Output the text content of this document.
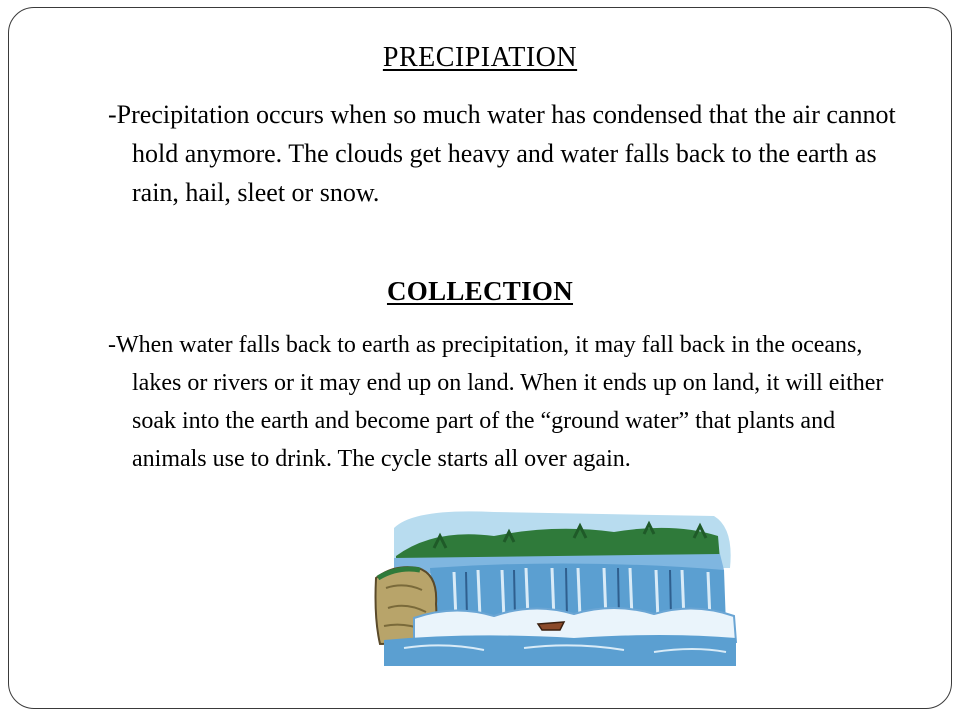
PRECIPIATION

-Precipitation occurs when so much water has condensed that the air cannot hold anymore. The clouds get heavy and water falls back to the earth as rain, hail, sleet or snow.

COLLECTION

-When water falls back to earth as precipitation, it may fall back in the oceans, lakes or rivers or it may end up on land. When it ends up on land, it will either soak into the earth and become part of the “ground water” that plants and animals use to drink. The cycle starts all over again.
